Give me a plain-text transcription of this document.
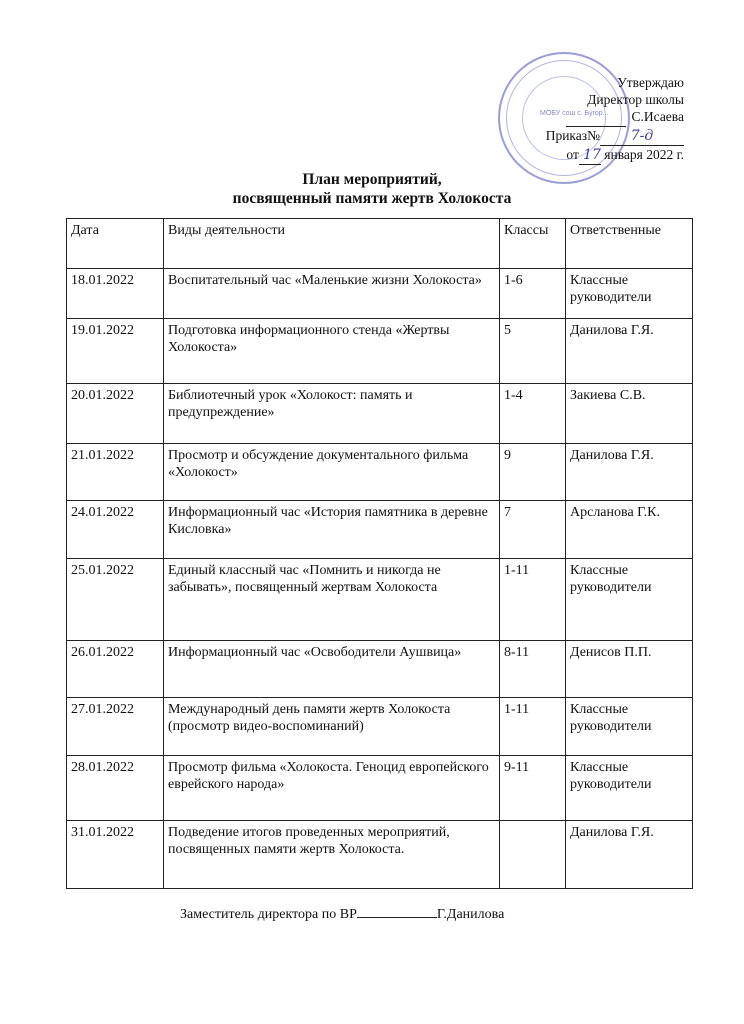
МОБУ сош с. Бугор...
Утверждаю
Директор школы
С.Исаева
Приказ№ 7-д
от 17 января 2022 г.
План мероприятий,
посвященный памяти жертв Холокоста
Дата	Виды деятельности	Классы	Ответственные
18.01.2022	Воспитательный час «Маленькие жизни Холокоста»	1-6	Классные руководители
19.01.2022	Подготовка информационного стенда «Жертвы Холокоста»	5	Данилова Г.Я.
20.01.2022	Библиотечный урок «Холокост: память и предупреждение»	1-4	Закиева С.В.
21.01.2022	Просмотр и обсуждение документального фильма «Холокост»	9	Данилова Г.Я.
24.01.2022	Информационный час «История памятника в деревне Кисловка»	7	Арсланова Г.К.
25.01.2022	Единый классный час «Помнить и никогда не забывать», посвященный жертвам Холокоста	1-11	Классные руководители
26.01.2022	Информационный час «Освободители Аушвица»	8-11	Денисов П.П.
27.01.2022	Международный день памяти жертв Холокоста (просмотр видео-воспоминаний)	1-11	Классные руководители
28.01.2022	Просмотр фильма «Холокоста. Геноцид европейского еврейского народа»	9-11	Классные руководители
31.01.2022	Подведение итогов проведенных мероприятий, посвященных памяти жертв Холокоста.		Данилова Г.Я.
Заместитель директора по ВР	Г.Данилова
